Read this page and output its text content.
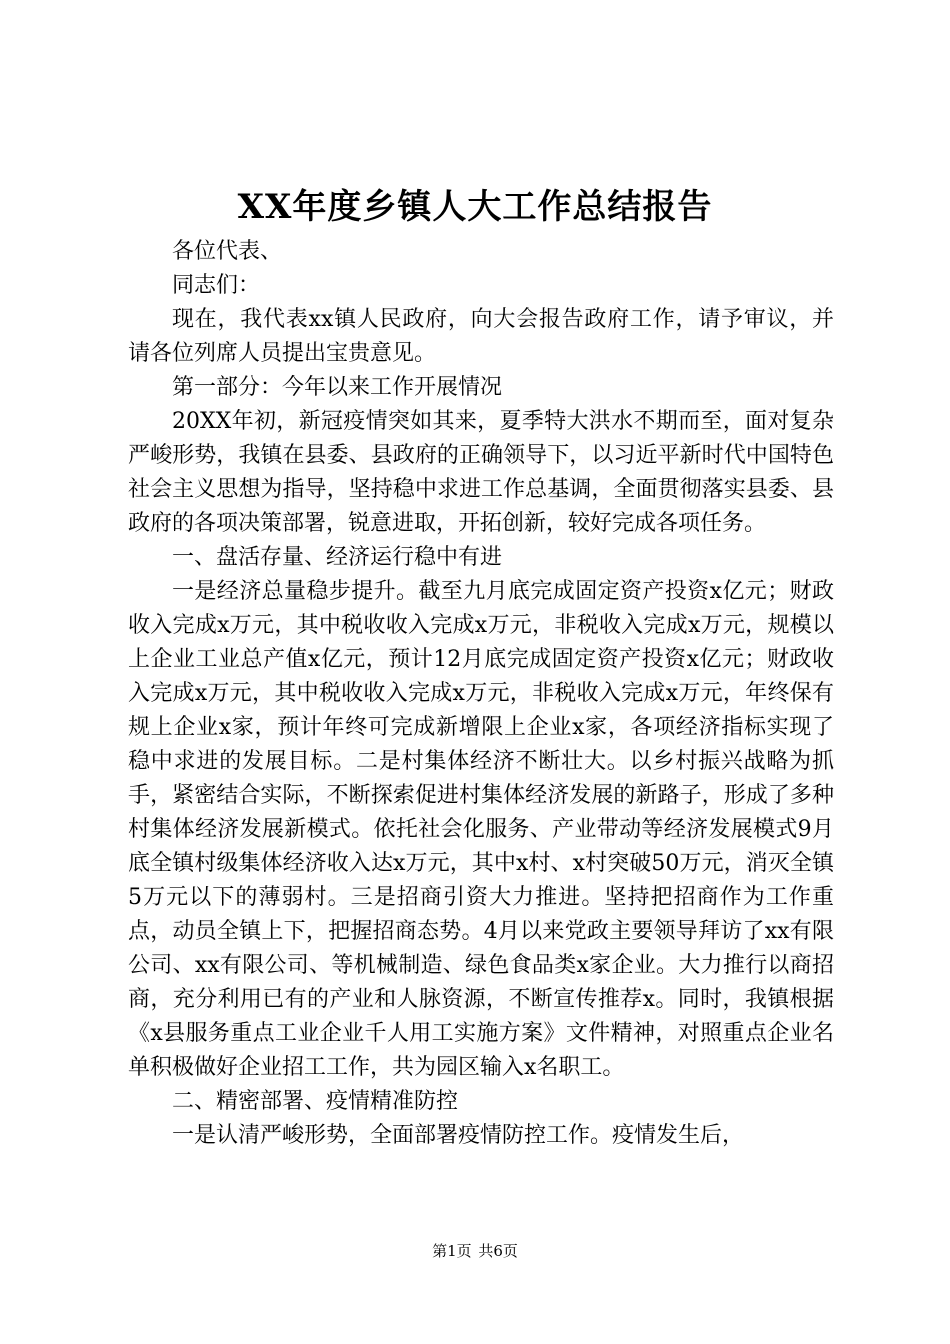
XX年度乡镇人大工作总结报告

各位代表、

同志们：

现在，我代表xx镇人民政府，向大会报告政府工作，请予审议，并请各位列席人员提出宝贵意见。

第一部分：今年以来工作开展情况

20XX年初，新冠疫情突如其来，夏季特大洪水不期而至，面对复杂严峻形势，我镇在县委、县政府的正确领导下，以习近平新时代中国特色社会主义思想为指导，坚持稳中求进工作总基调，全面贯彻落实县委、县政府的各项决策部署，锐意进取，开拓创新，较好完成各项任务。

一、盘活存量、经济运行稳中有进

一是经济总量稳步提升。截至九月底完成固定资产投资x亿元；财政收入完成x万元，其中税收收入完成x万元，非税收入完成x万元，规模以上企业工业总产值x亿元，预计12月底完成固定资产投资x亿元；财政收入完成x万元，其中税收收入完成x万元，非税收入完成x万元，年终保有规上企业x家，预计年终可完成新增限上企业x家，各项经济指标实现了稳中求进的发展目标。二是村集体经济不断壮大。以乡村振兴战略为抓手，紧密结合实际，不断探索促进村集体经济发展的新路子，形成了多种村集体经济发展新模式。依托社会化服务、产业带动等经济发展模式9月底全镇村级集体经济收入达x万元，其中x村、x村突破50万元，消灭全镇5万元以下的薄弱村。三是招商引资大力推进。坚持把招商作为工作重点，动员全镇上下，把握招商态势。4月以来党政主要领导拜访了xx有限公司、xx有限公司、等机械制造、绿色食品类x家企业。大力推行以商招商，充分利用已有的产业和人脉资源，不断宣传推荐x。同时，我镇根据《x县服务重点工业企业千人用工实施方案》文件精神，对照重点企业名单积极做好企业招工工作，共为园区输入x名职工。

二、精密部署、疫情精准防控

一是认清严峻形势，全面部署疫情防控工作。疫情发生后，

第1页 共6页
